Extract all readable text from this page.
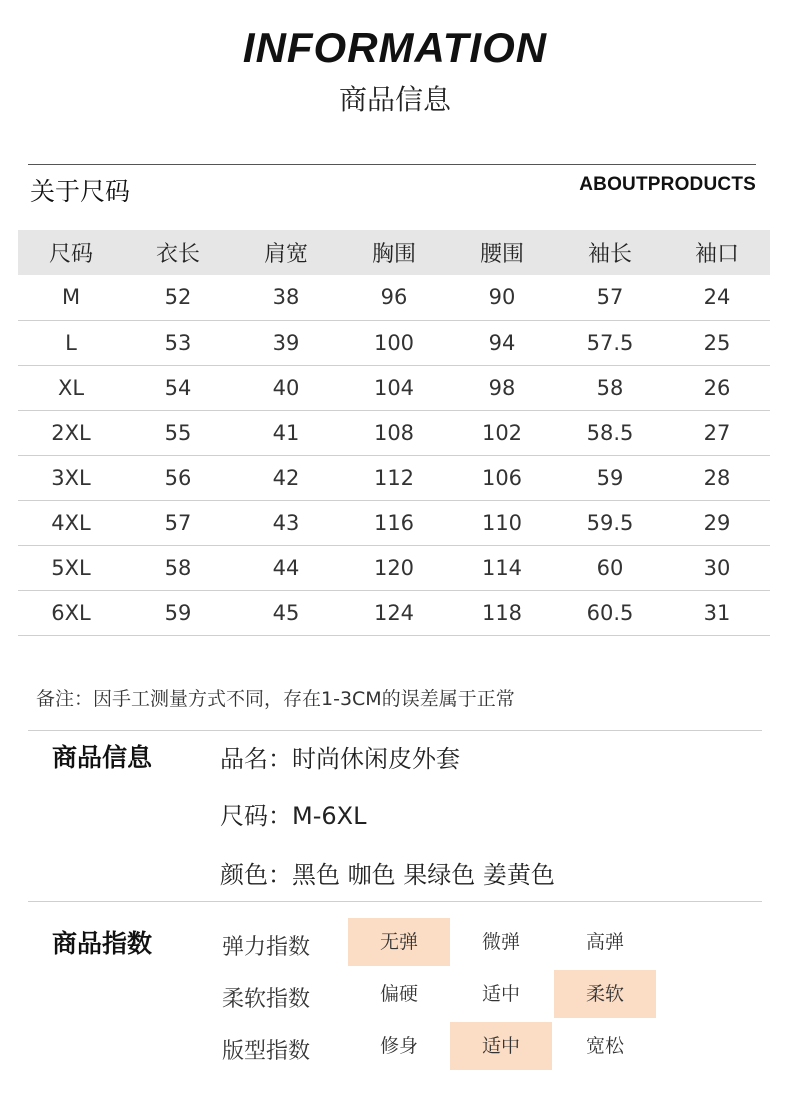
INFORMATION
商品信息
关于尺码	ABOUTPRODUCTS
尺码	衣长	肩宽	胸围	腰围	袖长	袖口
M	52	38	96	90	57	24
L	53	39	100	94	57.5	25
XL	54	40	104	98	58	26
2XL	55	41	108	102	58.5	27
3XL	56	42	112	106	59	28
4XL	57	43	116	110	59.5	29
5XL	58	44	120	114	60	30
6XL	59	45	124	118	60.5	31
备注：因手工测量方式不同，存在1-3CM的误差属于正常
商品信息	品名：时尚休闲皮外套
尺码：M-6XL
颜色：黑色 咖色 果绿色 姜黄色
商品指数	弹力指数	无弹	微弹	高弹
柔软指数	偏硬	适中	柔软
版型指数	修身	适中	宽松
